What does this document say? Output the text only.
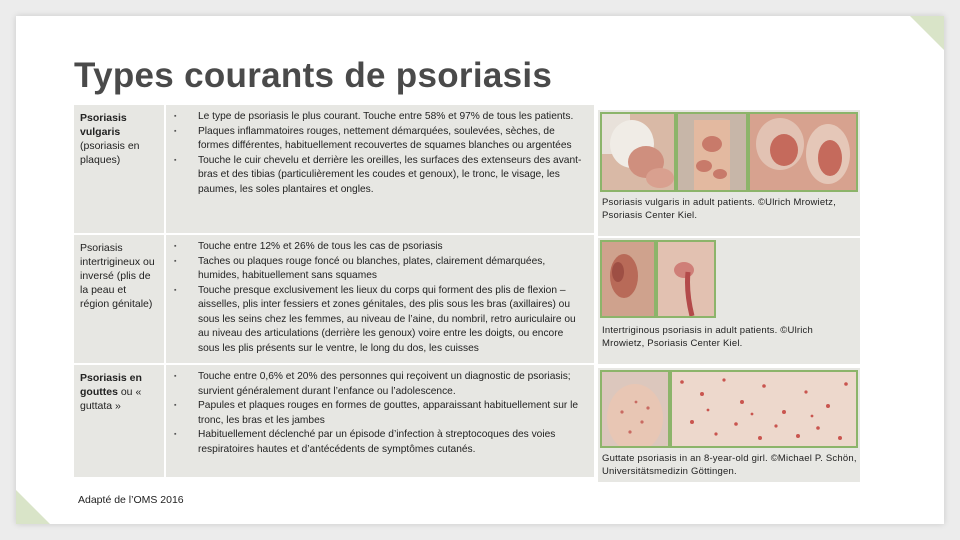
Types courants de psoriasis
Psoriasis vulgaris (psoriasis en plaques)
▪ Le type de psoriasis le plus courant. Touche entre 58% et 97% de tous les patients.
▪ Plaques inflammatoires rouges, nettement démarquées, soulevées, sèches, de formes différentes, habituellement recouvertes de squames blanches ou argentées
▪ Touche le cuir chevelu et derrière les oreilles, les surfaces des extenseurs des avant-bras et des tibias (particulièrement les coudes et genoux), le tronc, le visage, les paumes, les soles plantaires et ongles.
Psoriasis intertrigineux ou inversé (plis de la peau et région génitale)
▪ Touche entre 12% et 26% de tous les cas de psoriasis
▪ Taches ou plaques rouge foncé ou blanches, plates, clairement démarquées, humides, habituellement sans squames
▪ Touche presque exclusivement les lieux du corps qui forment des plis de flexion – aisselles, plis inter fessiers et zones génitales, des plis sous les bras (axillaires) ou sous les seins chez les femmes, au niveau de l’aine, du nombril, retro auriculaire ou au niveau des articulations (derrière les genoux) voire entre les doigts, ou encore sous les plis présents sur le ventre, le long du dos, les cuisses
Psoriasis en gouttes ou « guttata »
▪ Touche entre 0,6% et 20% des personnes qui reçoivent un diagnostic de psoriasis; survient généralement durant l’enfance ou l’adolescence.
▪ Papules et plaques rouges en formes de gouttes, apparaissant habituellement sur le tronc, les bras et les jambes
▪ Habituellement déclenché par un épisode d’infection à streptocoques des voies respiratoires hautes et d’antécédents de symptômes cutanés.
Adapté de l’OMS 2016
Psoriasis vulgaris in adult patients. ©Ulrich Mrowietz, Psoriasis Center Kiel.
Intertriginous psoriasis in adult patients. ©Ulrich Mrowietz, Psoriasis Center Kiel.
Guttate psoriasis in an 8-year-old girl. ©Michael P. Schön, Universitätsmedizin Göttingen.
